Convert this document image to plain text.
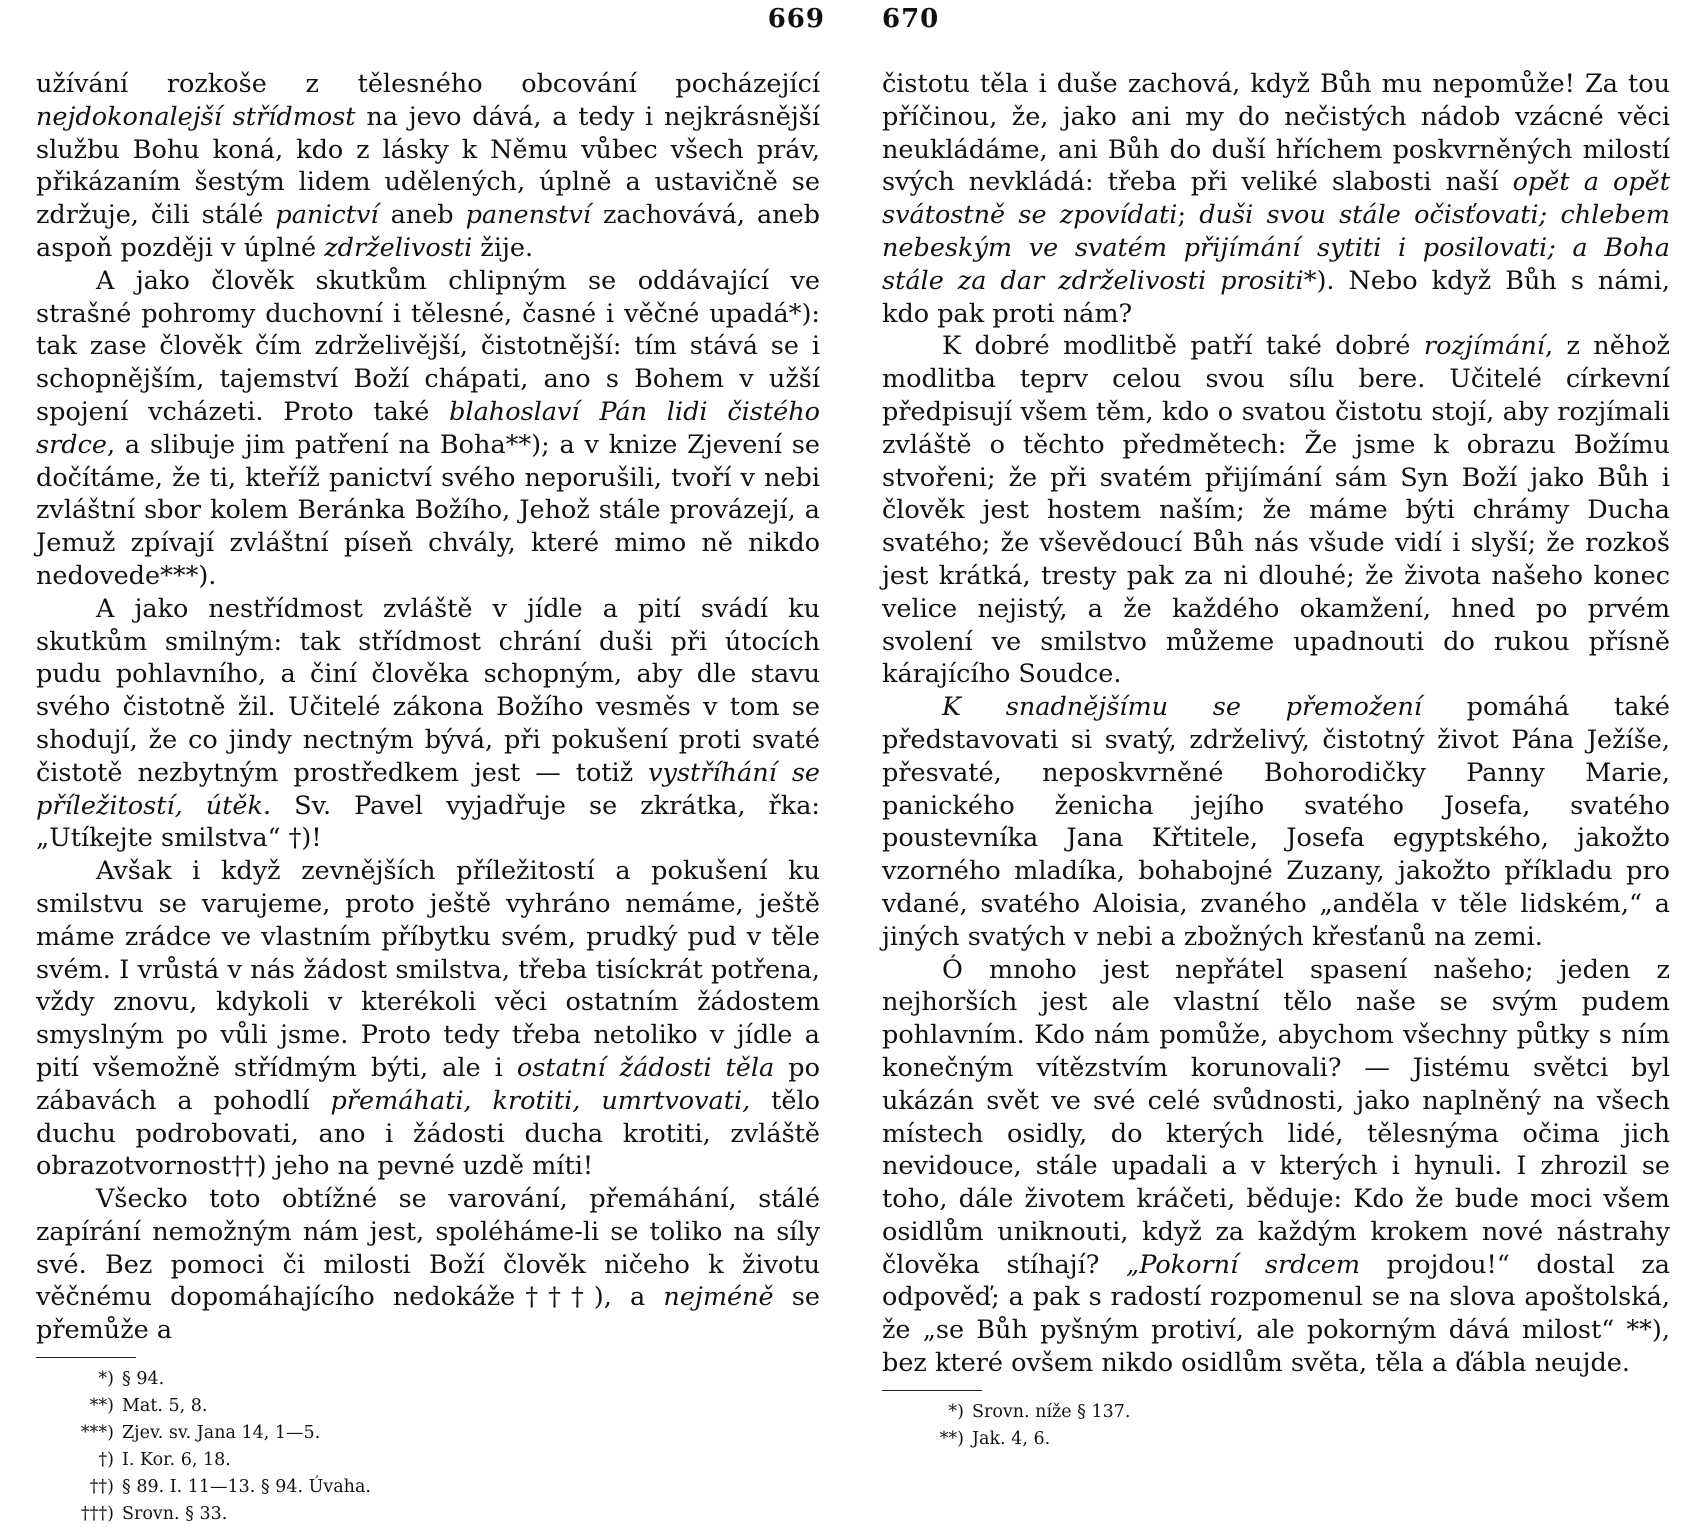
669

užívání rozkoše z tělesného obcování pocházející nejdokonalejší střídmost na jevo dává, a tedy i nejkrásnější službu Bohu koná, kdo z lásky k Němu vůbec všech práv, přikázaním šestým lidem udělených, úplně a ustavičně se zdržuje, čili stálé panictví aneb panenství zachovává, aneb aspoň později v úplné zdrželivosti žije.

A jako člověk skutkům chlipným se oddávající ve strašné pohromy duchovní i tělesné, časné i věčné upadá*): tak zase člověk čím zdrželivější, čistotnější: tím stává se i schopnějším, tajemství Boží chápati, ano s Bohem v užší spojení vcházeti. Proto také blahoslaví Pán lidi čistého srdce, a slibuje jim patření na Boha**); a v knize Zjevení se dočítáme, že ti, kteříž panictví svého neporušili, tvoří v nebi zvláštní sbor kolem Beránka Božího, Jehož stále provázejí, a Jemuž zpívají zvláštní píseň chvály, které mimo ně nikdo nedovede***).

A jako nestřídmost zvláště v jídle a pití svádí ku skutkům smilným: tak střídmost chrání duši při útocích pudu pohlavního, a činí člověka schopným, aby dle stavu svého čistotně žil. Učitelé zákona Božího vesměs v tom se shodují, že co jindy nectným bývá, při pokušení proti svaté čistotě nezbytným prostředkem jest — totiž vystříhání se příležitostí, útěk. Sv. Pavel vyjadřuje se zkrátka, řka: „Utíkejte smilstva“ †)!

Avšak i když zevnějších příležitostí a pokušení ku smilstvu se varujeme, proto ještě vyhráno nemáme, ještě máme zrádce ve vlastním příbytku svém, prudký pud v těle svém. I vrůstá v nás žádost smilstva, třeba tisíckrát potřena, vždy znovu, kdykoli v kterékoli věci ostatním žádostem smyslným po vůli jsme. Proto tedy třeba netoliko v jídle a pití všemožně střídmým býti, ale i ostatní žádosti těla po zábavách a pohodlí přemáhati, krotiti, umrtvovati, tělo duchu podrobovati, ano i žádosti ducha krotiti, zvláště obrazotvornost††) jeho na pevné uzdě míti!

Všecko toto obtížné se varování, přemáhání, stálé zapírání nemožným nám jest, spoléháme-li se toliko na síly své. Bez pomoci či milosti Boží člověk ničeho k životu věčnému dopomáhajícího nedokáže†††), a nejméně se přemůže a

*) § 94.
**) Mat. 5, 8.
***) Zjev. sv. Jana 14, 1—5.
†) I. Kor. 6, 18.
††) § 89. I. 11—13. § 94. Úvaha.
†††) Srovn. § 33.
670

čistotu těla i duše zachová, když Bůh mu nepomůže! Za tou příčinou, že, jako ani my do nečistých nádob vzácné věci neukládáme, ani Bůh do duší hříchem poskvrněných milostí svých nevkládá: třeba při veliké slabosti naší opět a opět svátostně se zpovídati; duši svou stále očisťovati; chlebem nebeským ve svatém přijímání sytiti i posilovati; a Boha stále za dar zdrželivosti prositi*). Nebo když Bůh s námi, kdo pak proti nám?

K dobré modlitbě patří také dobré rozjímání, z něhož modlitba teprv celou svou sílu bere. Učitelé církevní předpisují všem těm, kdo o svatou čistotu stojí, aby rozjímali zvláště o těchto předmětech: Že jsme k obrazu Božímu stvořeni; že při svatém přijímání sám Syn Boží jako Bůh i člověk jest hostem naším; že máme býti chrámy Ducha svatého; že vševědoucí Bůh nás všude vidí i slyší; že rozkoš jest krátká, tresty pak za ni dlouhé; že života našeho konec velice nejistý, a že každého okamžení, hned po prvém svolení ve smilstvo můžeme upadnouti do rukou přísně kárajícího Soudce.

K snadnějšímu se přemožení pomáhá také představovati si svatý, zdrželivý, čistotný život Pána Ježíše, přesvaté, neposkvrněné Bohorodičky Panny Marie, panického ženicha jejího svatého Josefa, svatého poustevníka Jana Křtitele, Josefa egyptského, jakožto vzorného mladíka, bohabojné Zuzany, jakožto příkladu pro vdané, svatého Aloisia, zvaného „anděla v těle lidském,“ a jiných svatých v nebi a zbožných křesťanů na zemi.

Ó mnoho jest nepřátel spasení našeho; jeden z nejhorších jest ale vlastní tělo naše se svým pudem pohlavním. Kdo nám pomůže, abychom všechny půtky s ním konečným vítězstvím korunovali? — Jistému světci byl ukázán svět ve své celé svůdnosti, jako naplněný na všech místech osidly, do kterých lidé, tělesnýma očima jich nevidouce, stále upadali a v kterých i hynuli. I zhrozil se toho, dále životem kráčeti, běduje: Kdo že bude moci všem osidlům uniknouti, když za každým krokem nové nástrahy člověka stíhají? „Pokorní srdcem projdou!“ dostal za odpověď; a pak s radostí rozpomenul se na slova apoštolská, že „se Bůh pyšným protiví, ale pokorným dává milost“ **), bez které ovšem nikdo osidlům světa, těla a ďábla neujde.

*) Srovn. níže § 137.
**) Jak. 4, 6.
